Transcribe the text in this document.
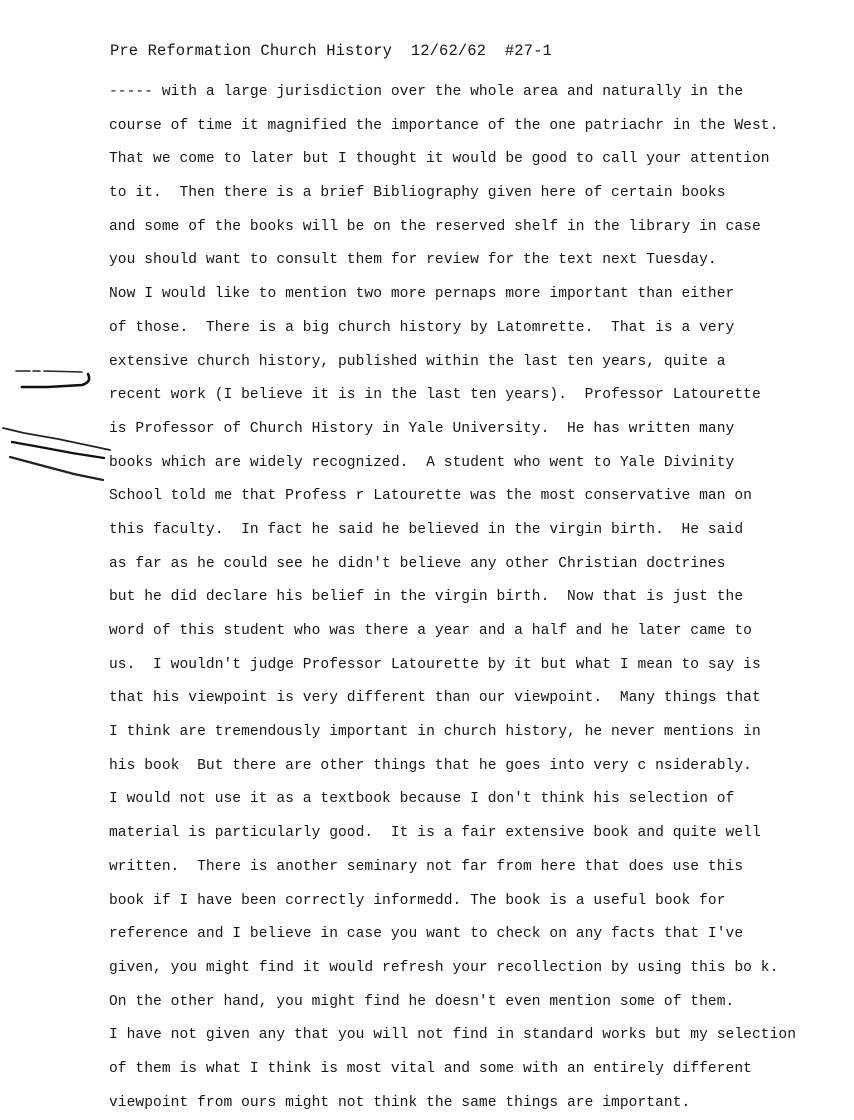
Pre Reformation Church History  12/62/62  #27-1
----- with a large jurisdiction over the whole area and naturally in the
course of time it magnified the importance of the one patriachr in the West.
That we come to later but I thought it would be good to call your attention
to it.  Then there is a brief Bibliography given here of certain books
and some of the books will be on the reserved shelf in the library in case
you should want to consult them for review for the text next Tuesday.
Now I would like to mention two more pernaps more important than either
of those.  There is a big church history by Latomrette.  That is a very
extensive church history, published within the last ten years, quite a
recent work (I believe it is in the last ten years).  Professor Latourette
is Professor of Church History in Yale University.  He has written many
books which are widely recognized.  A student who went to Yale Divinity
School told me that Profess r Latourette was the most conservative man on
this faculty.  In fact he said he believed in the virgin birth.  He said
as far as he could see he didn't believe any other Christian doctrines
but he did declare his belief in the virgin birth.  Now that is just the
word of this student who was there a year and a half and he later came to
us.  I wouldn't judge Professor Latourette by it but what I mean to say is
that his viewpoint is very different than our viewpoint.  Many things that
I think are tremendously important in church history, he never mentions in
his book  But there are other things that he goes into very c nsiderably.
I would not use it as a textbook because I don't think his selection of
material is particularly good.  It is a fair extensive book and quite well
written.  There is another seminary not far from here that does use this
book if I have been correctly informedd. The book is a useful book for
reference and I believe in case you want to check on any facts that I've
given, you might find it would refresh your recollection by using this bo k.
On the other hand, you might find he doesn't even mention some of them.
I have not given any that you will not find in standard works but my selection
of them is what I think is most vital and some with an entirely different
viewpoint from ours might not think the same things are important.
